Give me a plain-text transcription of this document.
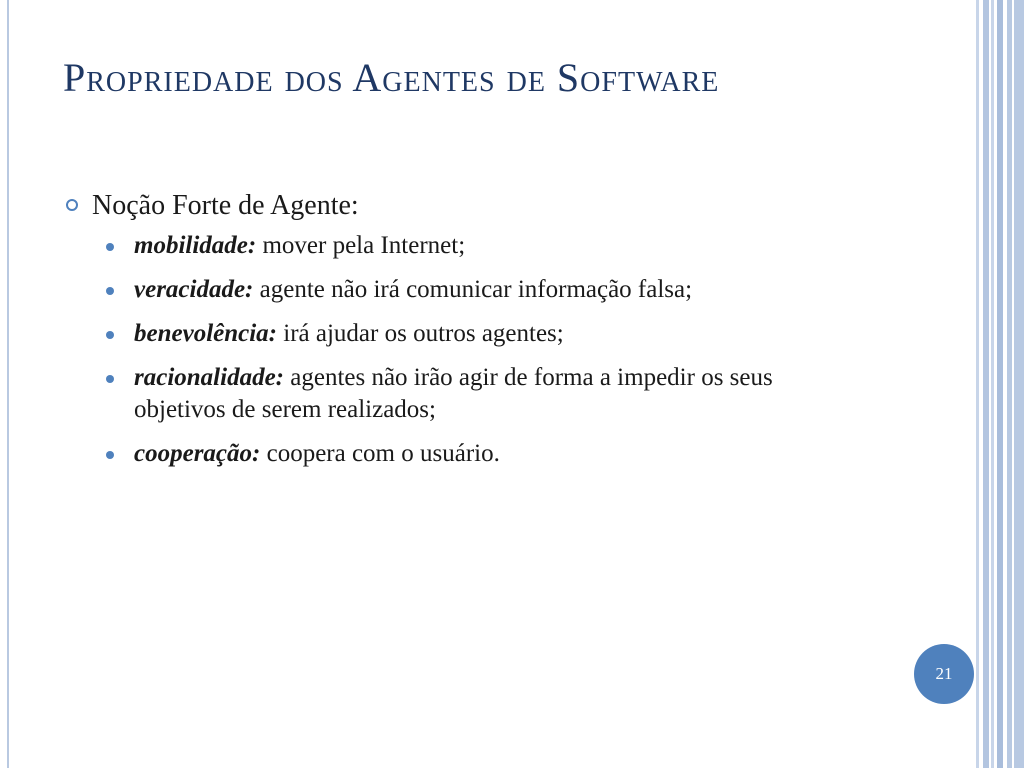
Propriedade dos Agentes de Software
Noção Forte de Agente:
mobilidade: mover pela Internet;
veracidade: agente não irá comunicar informação falsa;
benevolência: irá ajudar os outros agentes;
racionalidade: agentes não irão agir de forma a impedir os seus objetivos de serem realizados;
cooperação: coopera com o usuário.
21
